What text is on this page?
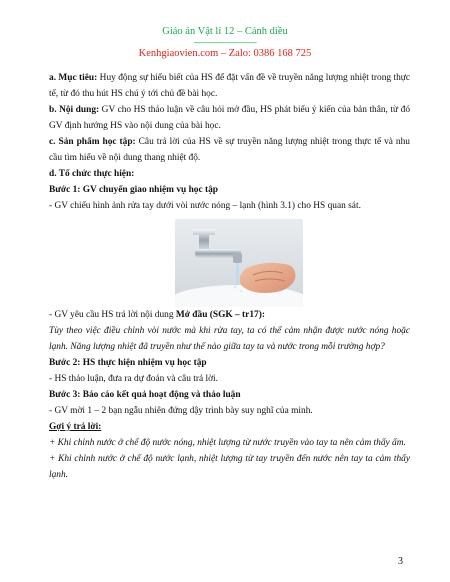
Giáo án Vật lí 12 – Cánh diều
-----------------------------
Kenhgiaovien.com – Zalo: 0386 168 725

a. Mục tiêu: Huy động sự hiểu biết của HS để đặt vấn đề về truyền năng lượng nhiệt trong thực tế, từ đó thu hút HS chú ý tới chủ đề bài học.

b. Nội dung: GV cho HS thảo luận về câu hỏi mở đầu, HS phát biểu ý kiến của bản thân, từ đó GV định hướng HS vào nội dung của bài học.

c. Sản phẩm học tập: Câu trả lời của HS về sự truyền năng lượng nhiệt trong thực tế và nhu cầu tìm hiểu về nội dung thang nhiệt độ.

d. Tổ chức thực hiện:

Bước 1: GV chuyển giao nhiệm vụ học tập

- GV chiếu hình ảnh rửa tay dưới vòi nước nóng – lạnh (hình 3.1) cho HS quan sát.

- GV yêu cầu HS trả lời nội dung Mở đầu (SGK – tr17):

Tùy theo việc điều chỉnh vòi nước mà khi rửa tay, ta có thể cảm nhận được nước nóng hoặc lạnh. Năng lượng nhiệt đã truyền như thế nào giữa tay ta và nước trong mỗi trường hợp?

Bước 2: HS thực hiện nhiệm vụ học tập

- HS thảo luận, đưa ra dự đoán và câu trả lời.

Bước 3: Báo cáo kết quả hoạt động và thảo luận

- GV mời 1 – 2 bạn ngẫu nhiên đứng dậy trình bày suy nghĩ của mình.

Gợi ý trả lời:

+ Khi chỉnh nước ở chế độ nước nóng, nhiệt lượng từ nước truyền vào tay ta nên cảm thấy ấm.

+ Khi chỉnh nước ở chế độ nước lạnh, nhiệt lượng từ tay truyền đến nước nên tay ta cảm thấy lạnh.

3
